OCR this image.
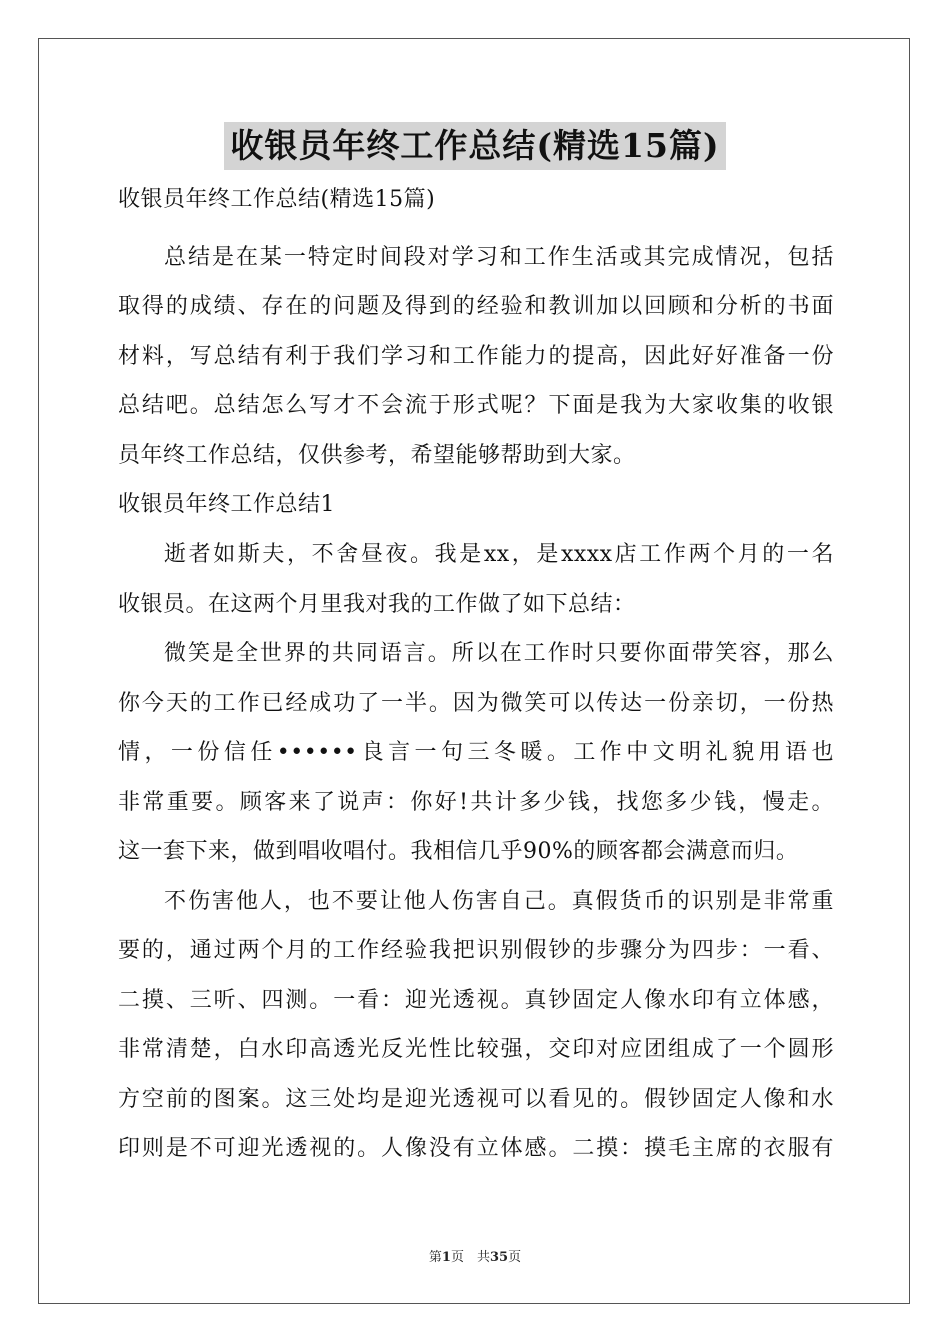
收银员年终工作总结(精选15篇)
收银员年终工作总结(精选15篇)
总结是在某一特定时间段对学习和工作生活或其完成情况，包括
取得的成绩、存在的问题及得到的经验和教训加以回顾和分析的书面
材料，写总结有利于我们学习和工作能力的提高，因此好好准备一份
总结吧。总结怎么写才不会流于形式呢？下面是我为大家收集的收银
员年终工作总结，仅供参考，希望能够帮助到大家。
收银员年终工作总结1
逝者如斯夫，不舍昼夜。我是xx，是xxxx店工作两个月的一名
收银员。在这两个月里我对我的工作做了如下总结：
微笑是全世界的共同语言。所以在工作时只要你面带笑容，那么
你今天的工作已经成功了一半。因为微笑可以传达一份亲切，一份热
情，一份信任••••••良言一句三冬暖。工作中文明礼貌用语也
非常重要。顾客来了说声：你好!共计多少钱，找您多少钱，慢走。
这一套下来，做到唱收唱付。我相信几乎90%的顾客都会满意而归。
不伤害他人，也不要让他人伤害自己。真假货币的识别是非常重
要的，通过两个月的工作经验我把识别假钞的步骤分为四步：一看、
二摸、三听、四测。一看：迎光透视。真钞固定人像水印有立体感，
非常清楚，白水印高透光反光性比较强，交印对应团组成了一个圆形
方空前的图案。这三处均是迎光透视可以看见的。假钞固定人像和水
印则是不可迎光透视的。人像没有立体感。二摸：摸毛主席的衣服有
第1页　共35页
